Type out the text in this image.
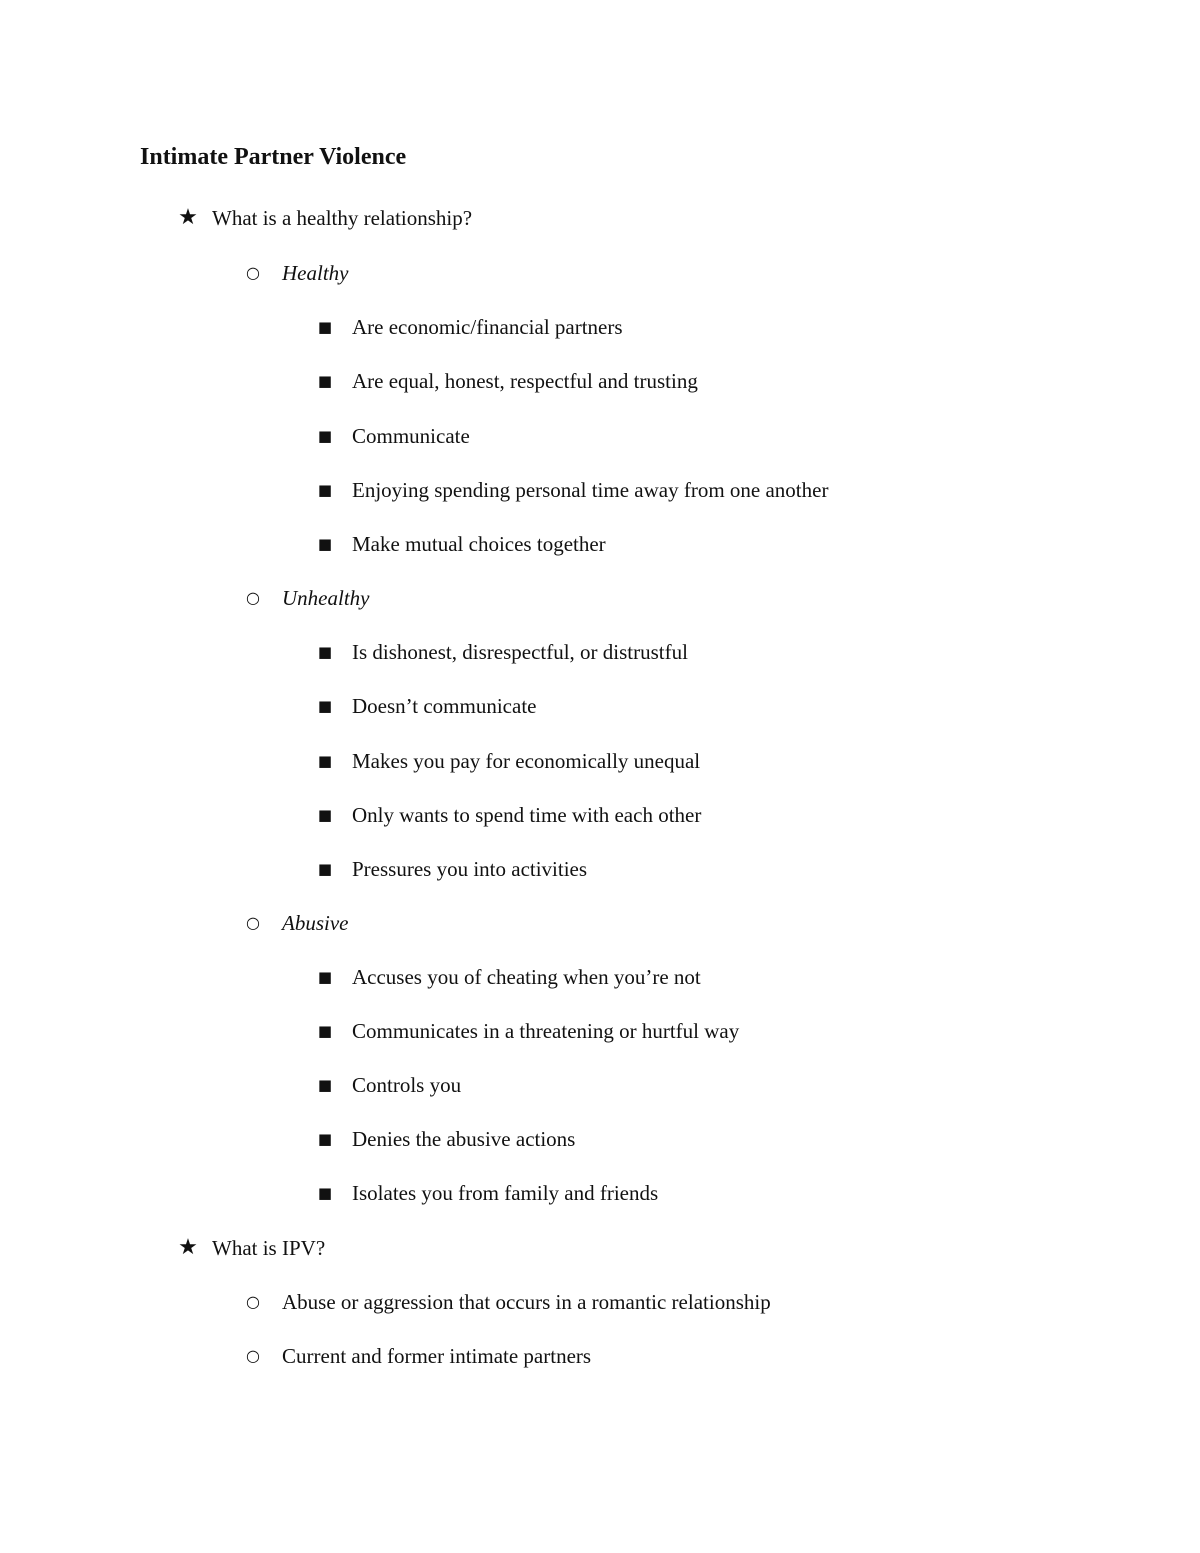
Intimate Partner Violence
★ What is a healthy relationship?
○ Healthy
■ Are economic/financial partners
■ Are equal, honest, respectful and trusting
■ Communicate
■ Enjoying spending personal time away from one another
■ Make mutual choices together
○ Unhealthy
■ Is dishonest, disrespectful, or distrustful
■ Doesn’t communicate
■ Makes you pay for economically unequal
■ Only wants to spend time with each other
■ Pressures you into activities
○ Abusive
■ Accuses you of cheating when you’re not
■ Communicates in a threatening or hurtful way
■ Controls you
■ Denies the abusive actions
■ Isolates you from family and friends
★ What is IPV?
○ Abuse or aggression that occurs in a romantic relationship
○ Current and former intimate partners
